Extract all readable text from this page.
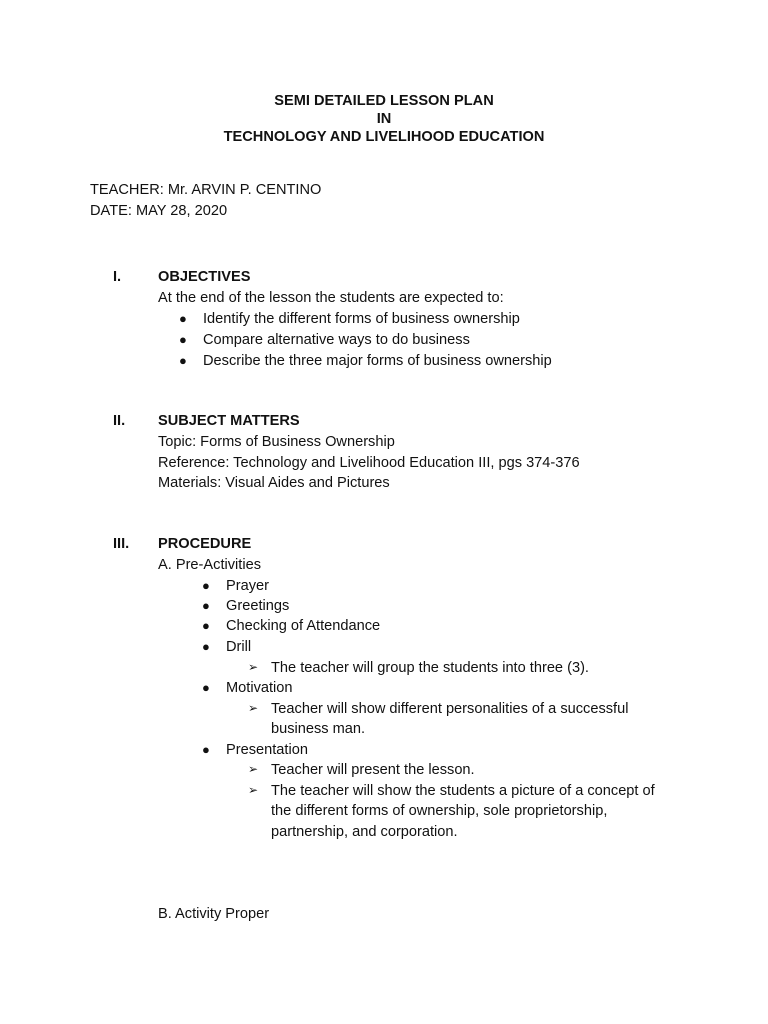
SEMI DETAILED LESSON PLAN
IN
TECHNOLOGY AND LIVELIHOOD EDUCATION
TEACHER: Mr. ARVIN P. CENTINO
DATE: MAY 28, 2020
I.	OBJECTIVES
At the end of the lesson the students are expected to:
● Identify the different forms of business ownership
● Compare alternative ways to do business
● Describe the three major forms of business ownership
II. SUBJECT MATTERS
Topic: Forms of Business Ownership
Reference: Technology and Livelihood Education III, pgs 374-376
Materials: Visual Aides and Pictures
III. PROCEDURE
A. Pre-Activities
● Prayer
● Greetings
● Checking of Attendance
● Drill
➢ The teacher will group the students into three (3).
● Motivation
➢ Teacher will show different personalities of a successful
business man.
● Presentation
➢ Teacher will present the lesson.
➢ The teacher will show the students a picture of a concept of
the different forms of ownership, sole proprietorship,
partnership, and corporation.
B. Activity Proper
